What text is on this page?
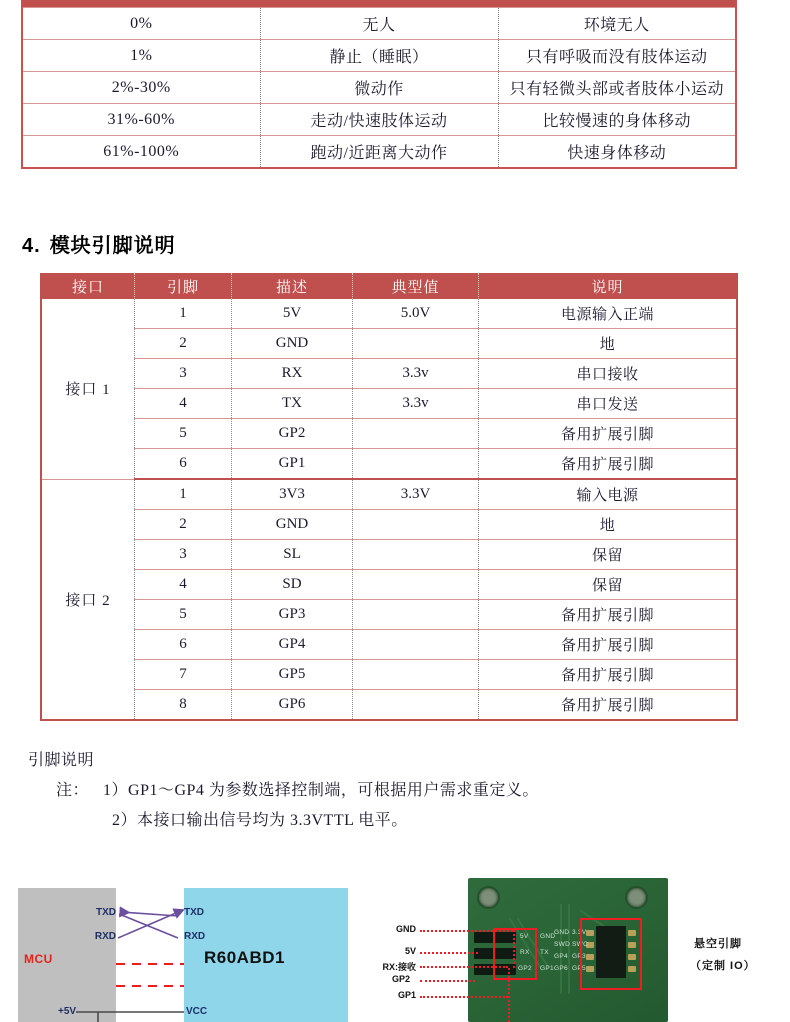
0%	无人	环境无人
1%	静止（睡眠）	只有呼吸而没有肢体运动
2%-30%	微动作	只有轻微头部或者肢体小运动
31%-60%	走动/快速肢体运动	比较慢速的身体移动
61%-100%	跑动/近距离大动作	快速身体移动
4. 模块引脚说明
接口	引脚	描述	典型值	说明
接口 1	1	5V	5.0V	电源输入正端
	2	GND		地
	3	RX	3.3v	串口接收
	4	TX	3.3v	串口发送
	5	GP2		备用扩展引脚
	6	GP1		备用扩展引脚
接口 2	1	3V3	3.3V	输入电源
	2	GND		地
	3	SL		保留
	4	SD		保留
	5	GP3		备用扩展引脚
	6	GP4		备用扩展引脚
	7	GP5		备用扩展引脚
	8	GP6		备用扩展引脚
引脚说明
注： 1）GP1～GP4 为参数选择控制端，可根据用户需求重定义。
2）本接口输出信号均为 3.3VTTL 电平。
MCU	R60ABD1
TXD
RXD
TXD
RXD
+5V	VCC
5V GND
RX TX
GP2 GP1
GND 3.3V
SWD SWC
GP4 GP3
GP6 GP5
GND
5V
RX:接收
GP2
GP1
悬空引脚
（定制 IO）
